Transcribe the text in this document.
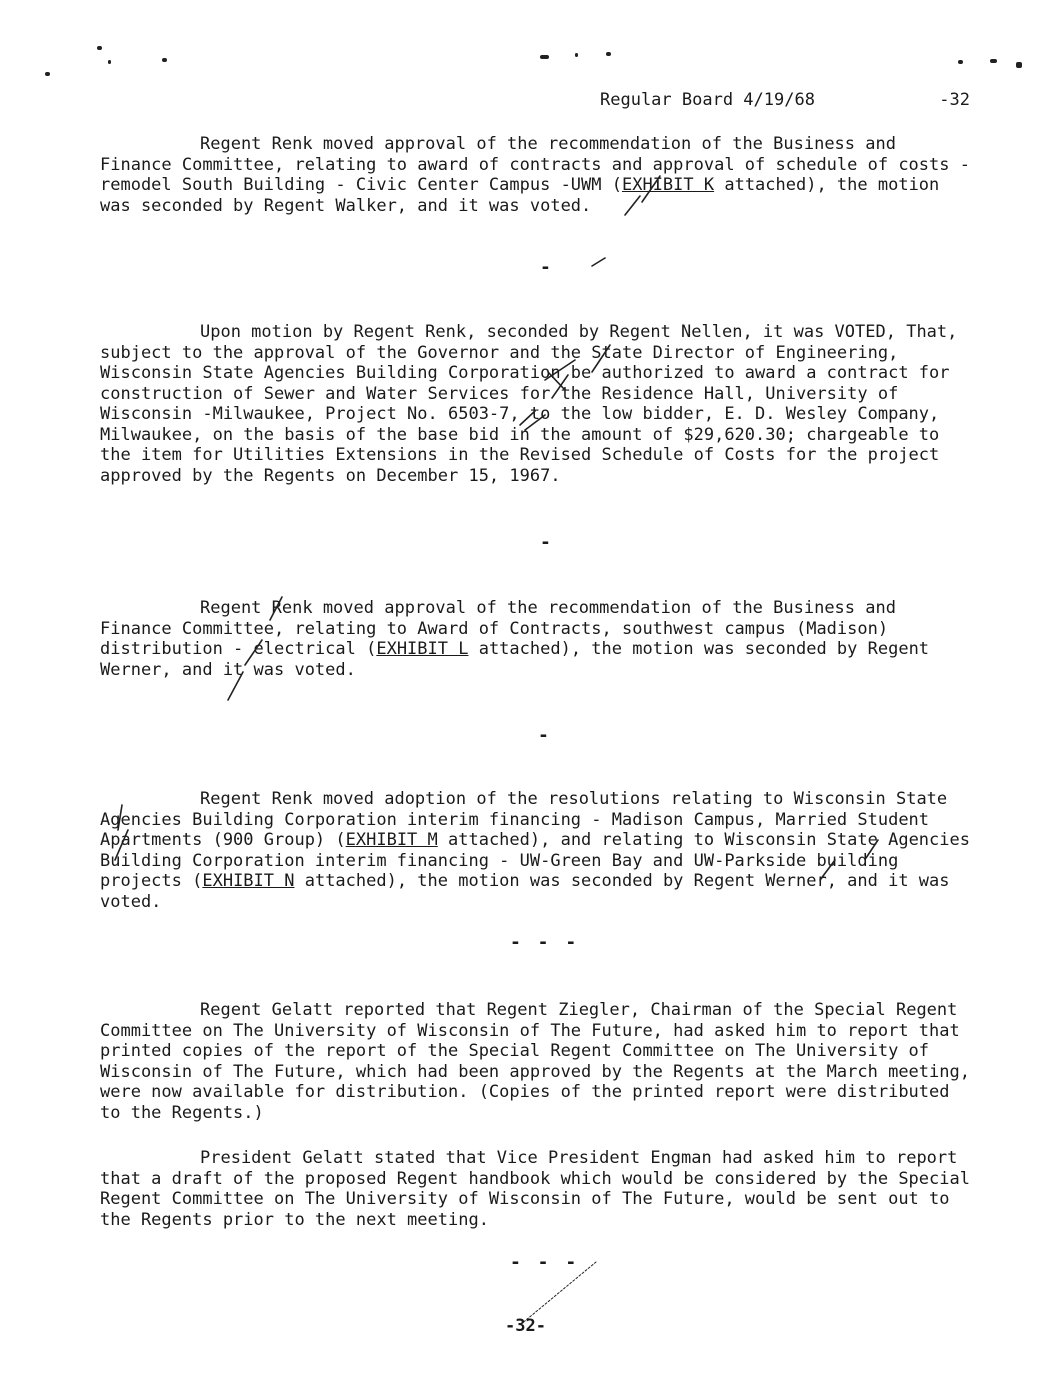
Regular Board 4/19/68	-32
Regent Renk moved approval of the recommendation of the Business and Finance Committee, relating to award of contracts and approval of schedule of costs - remodel South Building - Civic Center Campus -UWM (EXHIBIT K attached), the motion was seconded by Regent Walker, and it was voted.
-
Upon motion by Regent Renk, seconded by Regent Nellen, it was VOTED, That, subject to the approval of the Governor and the State Director of Engineering, Wisconsin State Agencies Building Corporation be authorized to award a contract for construction of Sewer and Water Services for the Residence Hall, University of Wisconsin -Milwaukee, Project No. 6503-7, to the low bidder, E. D. Wesley Company, Milwaukee, on the basis of the base bid in the amount of $29,620.30; chargeable to the item for Utilities Extensions in the Revised Schedule of Costs for the project approved by the Regents on December 15, 1967.
-
Regent Renk moved approval of the recommendation of the Business and Finance Committee, relating to Award of Contracts, southwest campus (Madison) distribution - electrical (EXHIBIT L attached), the motion was seconded by Regent Werner, and it was voted.
-
Regent Renk moved adoption of the resolutions relating to Wisconsin State Agencies Building Corporation interim financing - Madison Campus, Married Student Apartments (900 Group) (EXHIBIT M attached), and relating to Wisconsin State Agencies Building Corporation interim financing - UW-Green Bay and UW-Parkside building projects (EXHIBIT N attached), the motion was seconded by Regent Werner, and it was voted.
- - -
Regent Gelatt reported that Regent Ziegler, Chairman of the Special Regent Committee on The University of Wisconsin of The Future, had asked him to report that printed copies of the report of the Special Regent Committee on The University of Wisconsin of The Future, which had been approved by the Regents at the March meeting, were now available for distribution. (Copies of the printed report were distributed to the Regents.)
President Gelatt stated that Vice President Engman had asked him to report that a draft of the proposed Regent handbook which would be considered by the Special Regent Committee on The University of Wisconsin of The Future, would be sent out to the Regents prior to the next meeting.
- - -
-32-
